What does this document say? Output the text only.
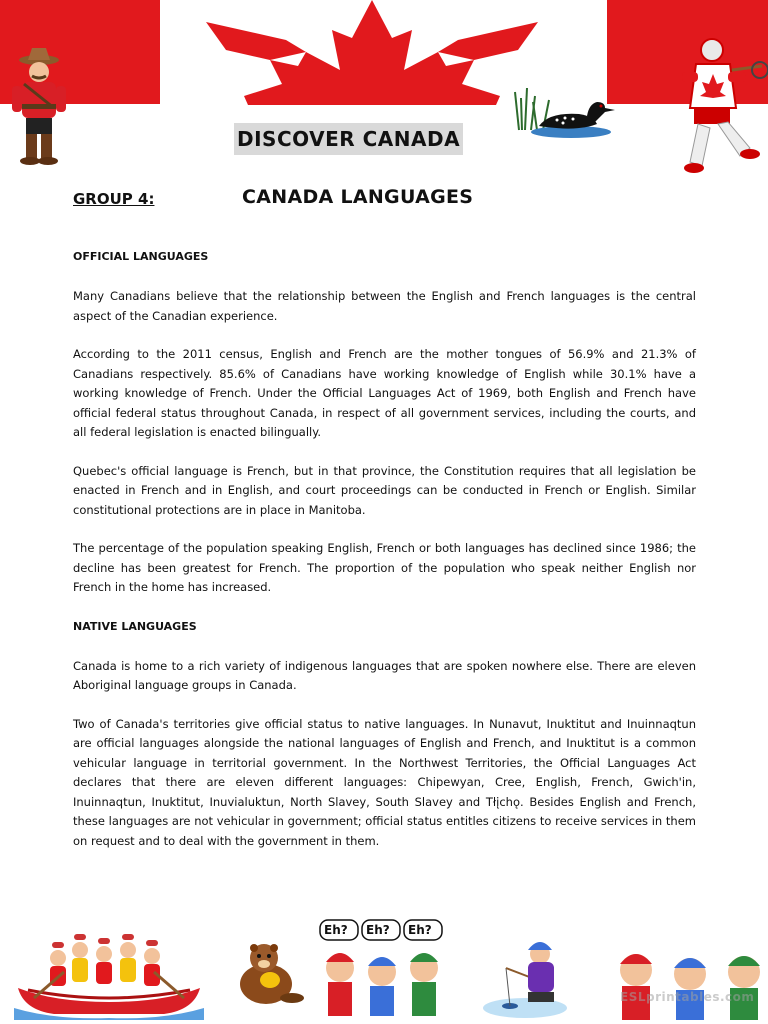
DISCOVER CANADA
GROUP 4:	CANADA LANGUAGES

OFFICIAL LANGUAGES

Many Canadians believe that the relationship between the English and French languages is the central aspect of the Canadian experience.

According to the 2011 census, English and French are the mother tongues of 56.9% and 21.3% of Canadians respectively. 85.6% of Canadians have working knowledge of English while 30.1% have a working knowledge of French. Under the Official Languages Act of 1969, both English and French have official federal status throughout Canada, in respect of all government services, including the courts, and all federal legislation is enacted bilingually.

Quebec's official language is French, but in that province, the Constitution requires that all legislation be enacted in French and in English, and court proceedings can be conducted in French or English. Similar constitutional protections are in place in Manitoba.

The percentage of the population speaking English, French or both languages has declined since 1986; the decline has been greatest for French. The proportion of the population who speak neither English nor French in the home has increased.

NATIVE LANGUAGES

Canada is home to a rich variety of indigenous languages that are spoken nowhere else. There are eleven Aboriginal language groups in Canada.

Two of Canada's territories give official status to native languages. In Nunavut, Inuktitut and Inuinnaqtun are official languages alongside the national languages of English and French, and Inuktitut is a common vehicular language in territorial government. In the Northwest Territories, the Official Languages Act declares that there are eleven different languages: Chipewyan, Cree, English, French, Gwich'in, Inuinnaqtun, Inuktitut, Inuvialuktun, North Slavey, South Slavey and Tłįchǫ. Besides English and French, these languages are not vehicular in government; official status entitles citizens to receive services in them on request and to deal with the government in them.

Eh? Eh? Eh?
ESLprintables.com
